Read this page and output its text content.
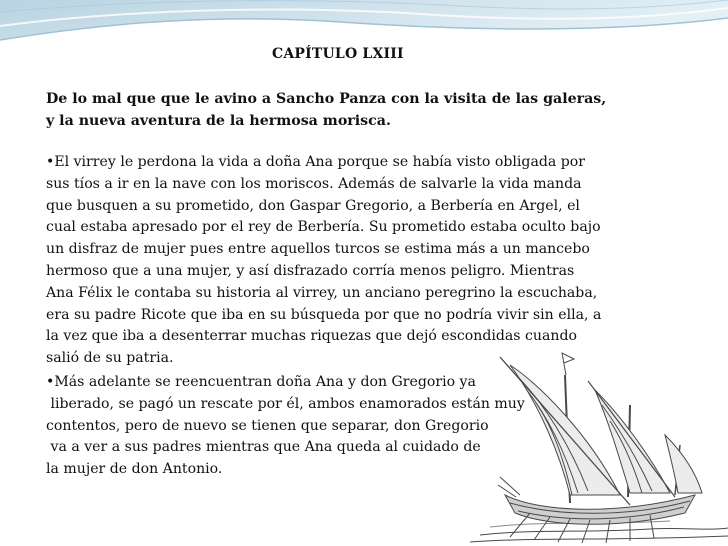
CAPÍTULO LXIII
De lo mal que que le avino a Sancho Panza con la visita de las galeras,
y la nueva aventura de la hermosa morisca.
•El virrey le perdona la vida a doña Ana porque se había visto obligada por
sus tíos a ir en la nave con los moriscos. Además de salvarle la vida manda
que busquen a su prometido, don Gaspar Gregorio, a Berbería en Argel, el
cual estaba apresado por el rey de Berbería. Su prometido estaba oculto bajo
un disfraz de mujer pues entre aquellos turcos se estima más a un mancebo
hermoso que a una mujer, y así disfrazado corría menos peligro. Mientras
Ana Félix le contaba su historia al virrey, un anciano peregrino la escuchaba,
era su padre Ricote que iba en su búsqueda por que no podría vivir sin ella, a
la vez que iba a desenterrar muchas riquezas que dejó escondidas cuando
salió de su patria.
•Más adelante se reencuentran doña Ana y don Gregorio ya
liberado, se pagó un rescate por él, ambos enamorados están muy
contentos, pero de nuevo se tienen que separar, don Gregorio
va a ver a sus padres mientras que Ana queda al cuidado de
la mujer de don Antonio.
